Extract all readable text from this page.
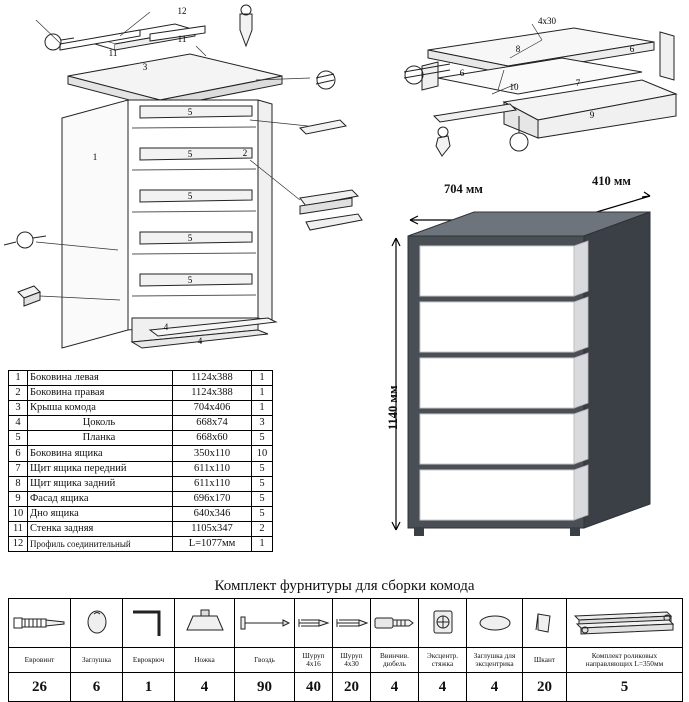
12
11
11
3
5
5
5
5
5
1	2
4
4
4х30
8	6
6
10	7
9
704 мм
410 мм
1140 мм
1	Боковина левая	1124х388	1
2	Боковина правая	1124х388	1
3	Крыша комода	704х406	1
4	Цоколь	668х74	3
5	Планка	668х60	5
6	Боковина ящика	350х110	10
7	Щит ящика передний	611х110	5
8	Щит ящика задний	611х110	5
9	Фасад ящика	696х170	5
10	Дно ящика	640х346	5
11	Стенка задняя	1105х347	2
12	Профиль соединительный	L=1077мм	1
Комплект фурнитуры для сборки комода

Евровинт	Заглушка	Еврокрюч	Ножка	Гвоздь	Шуруп 4х16	Шуруп 4х30	Ввинчив. дюбель	Эксцентр. стяжка	Заглушка для эксцентрика	Шкант	Комплект роликовых направляющих L=350мм
26	6	1	4	90	40	20	4	4	4	20	5
